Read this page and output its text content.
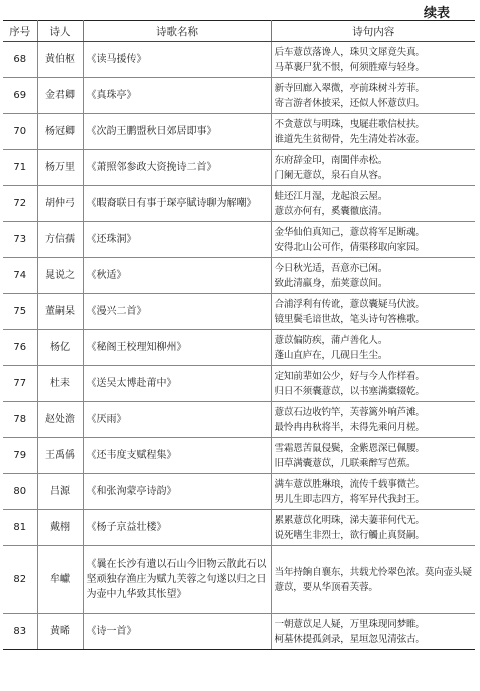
续表
序号	诗人	诗歌名称	诗句内容
68	黄伯枢	《读马援传》	后车薏苡落谗人，珠贝文犀竟失真。
马革裹尸犹不恨，何须胜瘴与轻身。

69	金君卿	《真珠亭》	新寺回廊入翠微，亭前珠树斗芳菲。
寄言游者休披采，还似人怀薏苡归。

70	杨冠卿	《次韵王鹏盟秋日郊居即事》	不贪薏苡与明珠，曳屣荘歌信杖扶。
谁道先生贫彻骨，先生清处若冰壶。

71	杨万里	《萧照邻参政大资挽诗二首》	东府辞金印，南閩伴赤松。
门阑无薏苡，泉石自从容。

72	胡仲弓	《暇裔联日有事于琛亭賦诗聊为解嘲》	蛙还江月湿，龙起浪云屋。
薏苡亦何有，奚囊徹底清。

73	方信孺	《还珠洞》	金华仙伯真知己，薏苡将军足断魂。
安得北山公可作，倩渠移取向家园。

74	晁说之	《秋适》	今日秋光适，吾意亦已闲。
致此清羸身，茄荚薏苡间。

75	董嗣杲	《漫兴二首》	合浦浮利有传讹，薏苡囊疑马伏波。
镜里鬓毛谙世故，笔头诗句答樵歌。

76	杨亿	《秘阁王校理知柳州》	薏苡偏防疾，蒲卢善化人。
蓬山直庐在，几砚日生尘。

77	杜耒	《送吴太博赴莆中》	定知前辈如公少，好与今人作样看。
归日不须囊薏苡，以书塞满橐辍乾。

78	赵处澹	《厌雨》	薏苡石边收钓竿，芙蓉篱外响芦滩。
最怜冉冉秋将半，未得先乘问月槎。

79	王禹偁	《还韦度支赋程集》	雪霜恩苦鼠侵鬓，金紫恩深已佩腰。
旧草满囊薏苡，几联乘醉写芭蕉。

80	吕源	《和张洵蒙亭诗韵》	满车薏苡胜琳琅，流传千载事微芒。
男儿生即志四方，将军异代我封王。

81	戴栩	《杨子京益壮楼》	累累薏苡化明珠，涕夫萋菲何代无。
说死嗜生非烈士，欲行觸止真贤嗣。

82	牟巘	《曩在长沙有遺以石山今旧物云散此石以坚顽独存渔庄为赋九芙蓉之句遂以归之日为壶中九华致其怅望》	当年持餉自襄东，共载尤怜翠色浓。莫向壶头疑薏苡，要从华顶看芙蓉。

83	黄晞	《诗一首》	一朝薏苡足人疑，万里珠现同梦睢。
柯墓休提孤剑录，星垣忽见清弦古。
